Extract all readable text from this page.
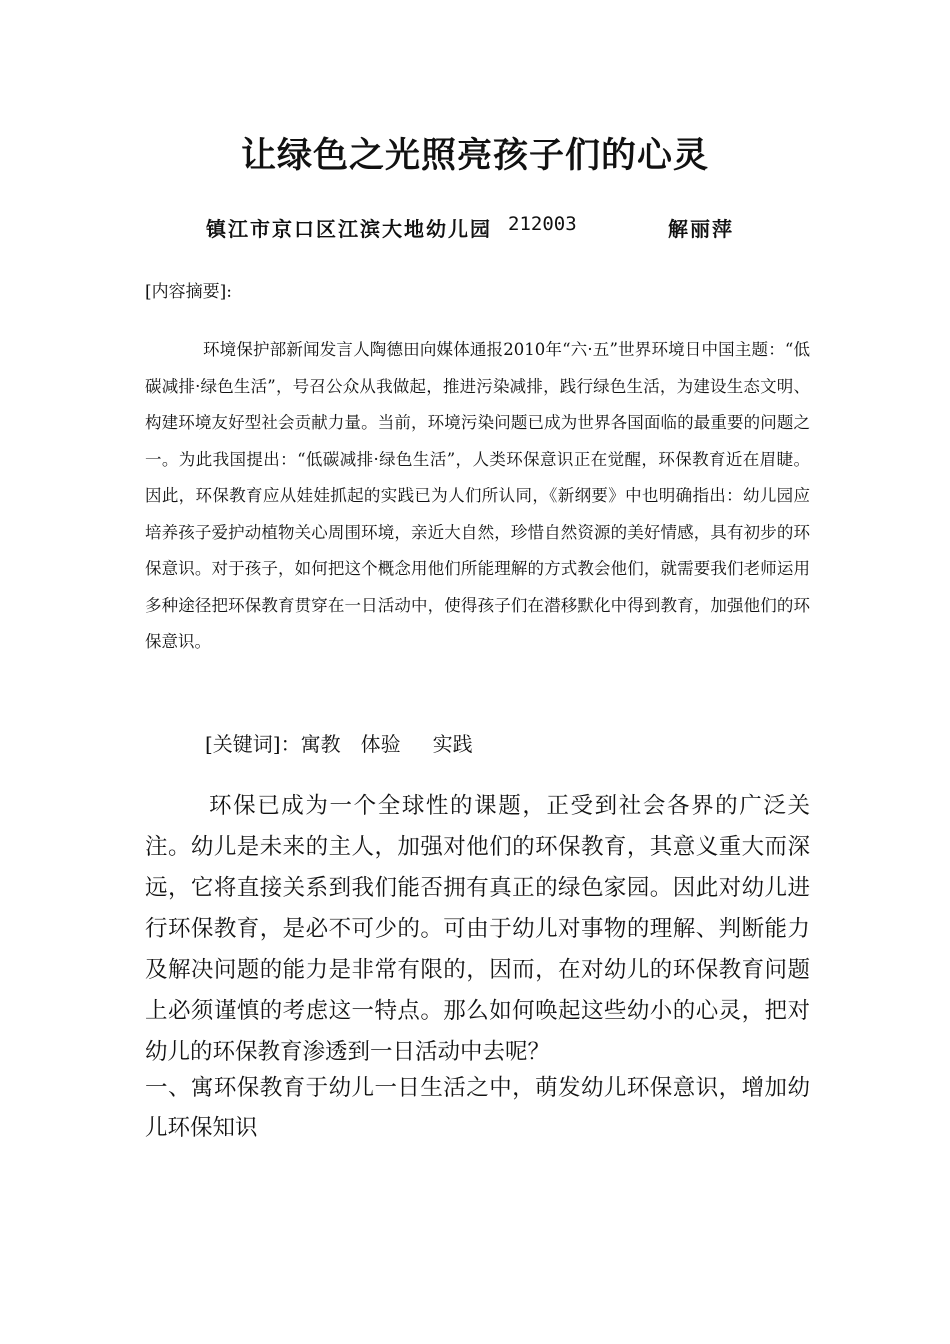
让绿色之光照亮孩子们的心灵
镇江市京口区江滨大地幼儿园 212003	解丽萍
[内容摘要]:

环境保护部新闻发言人陶德田向媒体通报2010年“六·五”世界环境日中国主题：“低碳减排·绿色生活”，号召公众从我做起，推进污染减排，践行绿色生活，为建设生态文明、构建环境友好型社会贡献力量。当前，环境污染问题已成为世界各国面临的最重要的问题之一。为此我国提出：“低碳减排·绿色生活”，人类环保意识正在觉醒，环保教育近在眉睫。因此，环保教育应从娃娃抓起的实践已为人们所认同，《新纲要》中也明确指出：幼儿园应培养孩子爱护动植物关心周围环境，亲近大自然，珍惜自然资源的美好情感，具有初步的环保意识。对于孩子，如何把这个概念用他们所能理解的方式教会他们，就需要我们老师运用多种途径把环保教育贯穿在一日活动中，使得孩子们在潜移默化中得到教育，加强他们的环保意识。

[关键词]：寓教 体验 实践

环保已成为一个全球性的课题，正受到社会各界的广泛关注。幼儿是未来的主人，加强对他们的环保教育，其意义重大而深远，它将直接关系到我们能否拥有真正的绿色家园。因此对幼儿进行环保教育，是必不可少的。可由于幼儿对事物的理解、判断能力及解决问题的能力是非常有限的，因而，在对幼儿的环保教育问题上必须谨慎的考虑这一特点。那么如何唤起这些幼小的心灵，把对幼儿的环保教育渗透到一日活动中去呢？

一、寓环保教育于幼儿一日生活之中，萌发幼儿环保意识，增加幼儿环保知识
